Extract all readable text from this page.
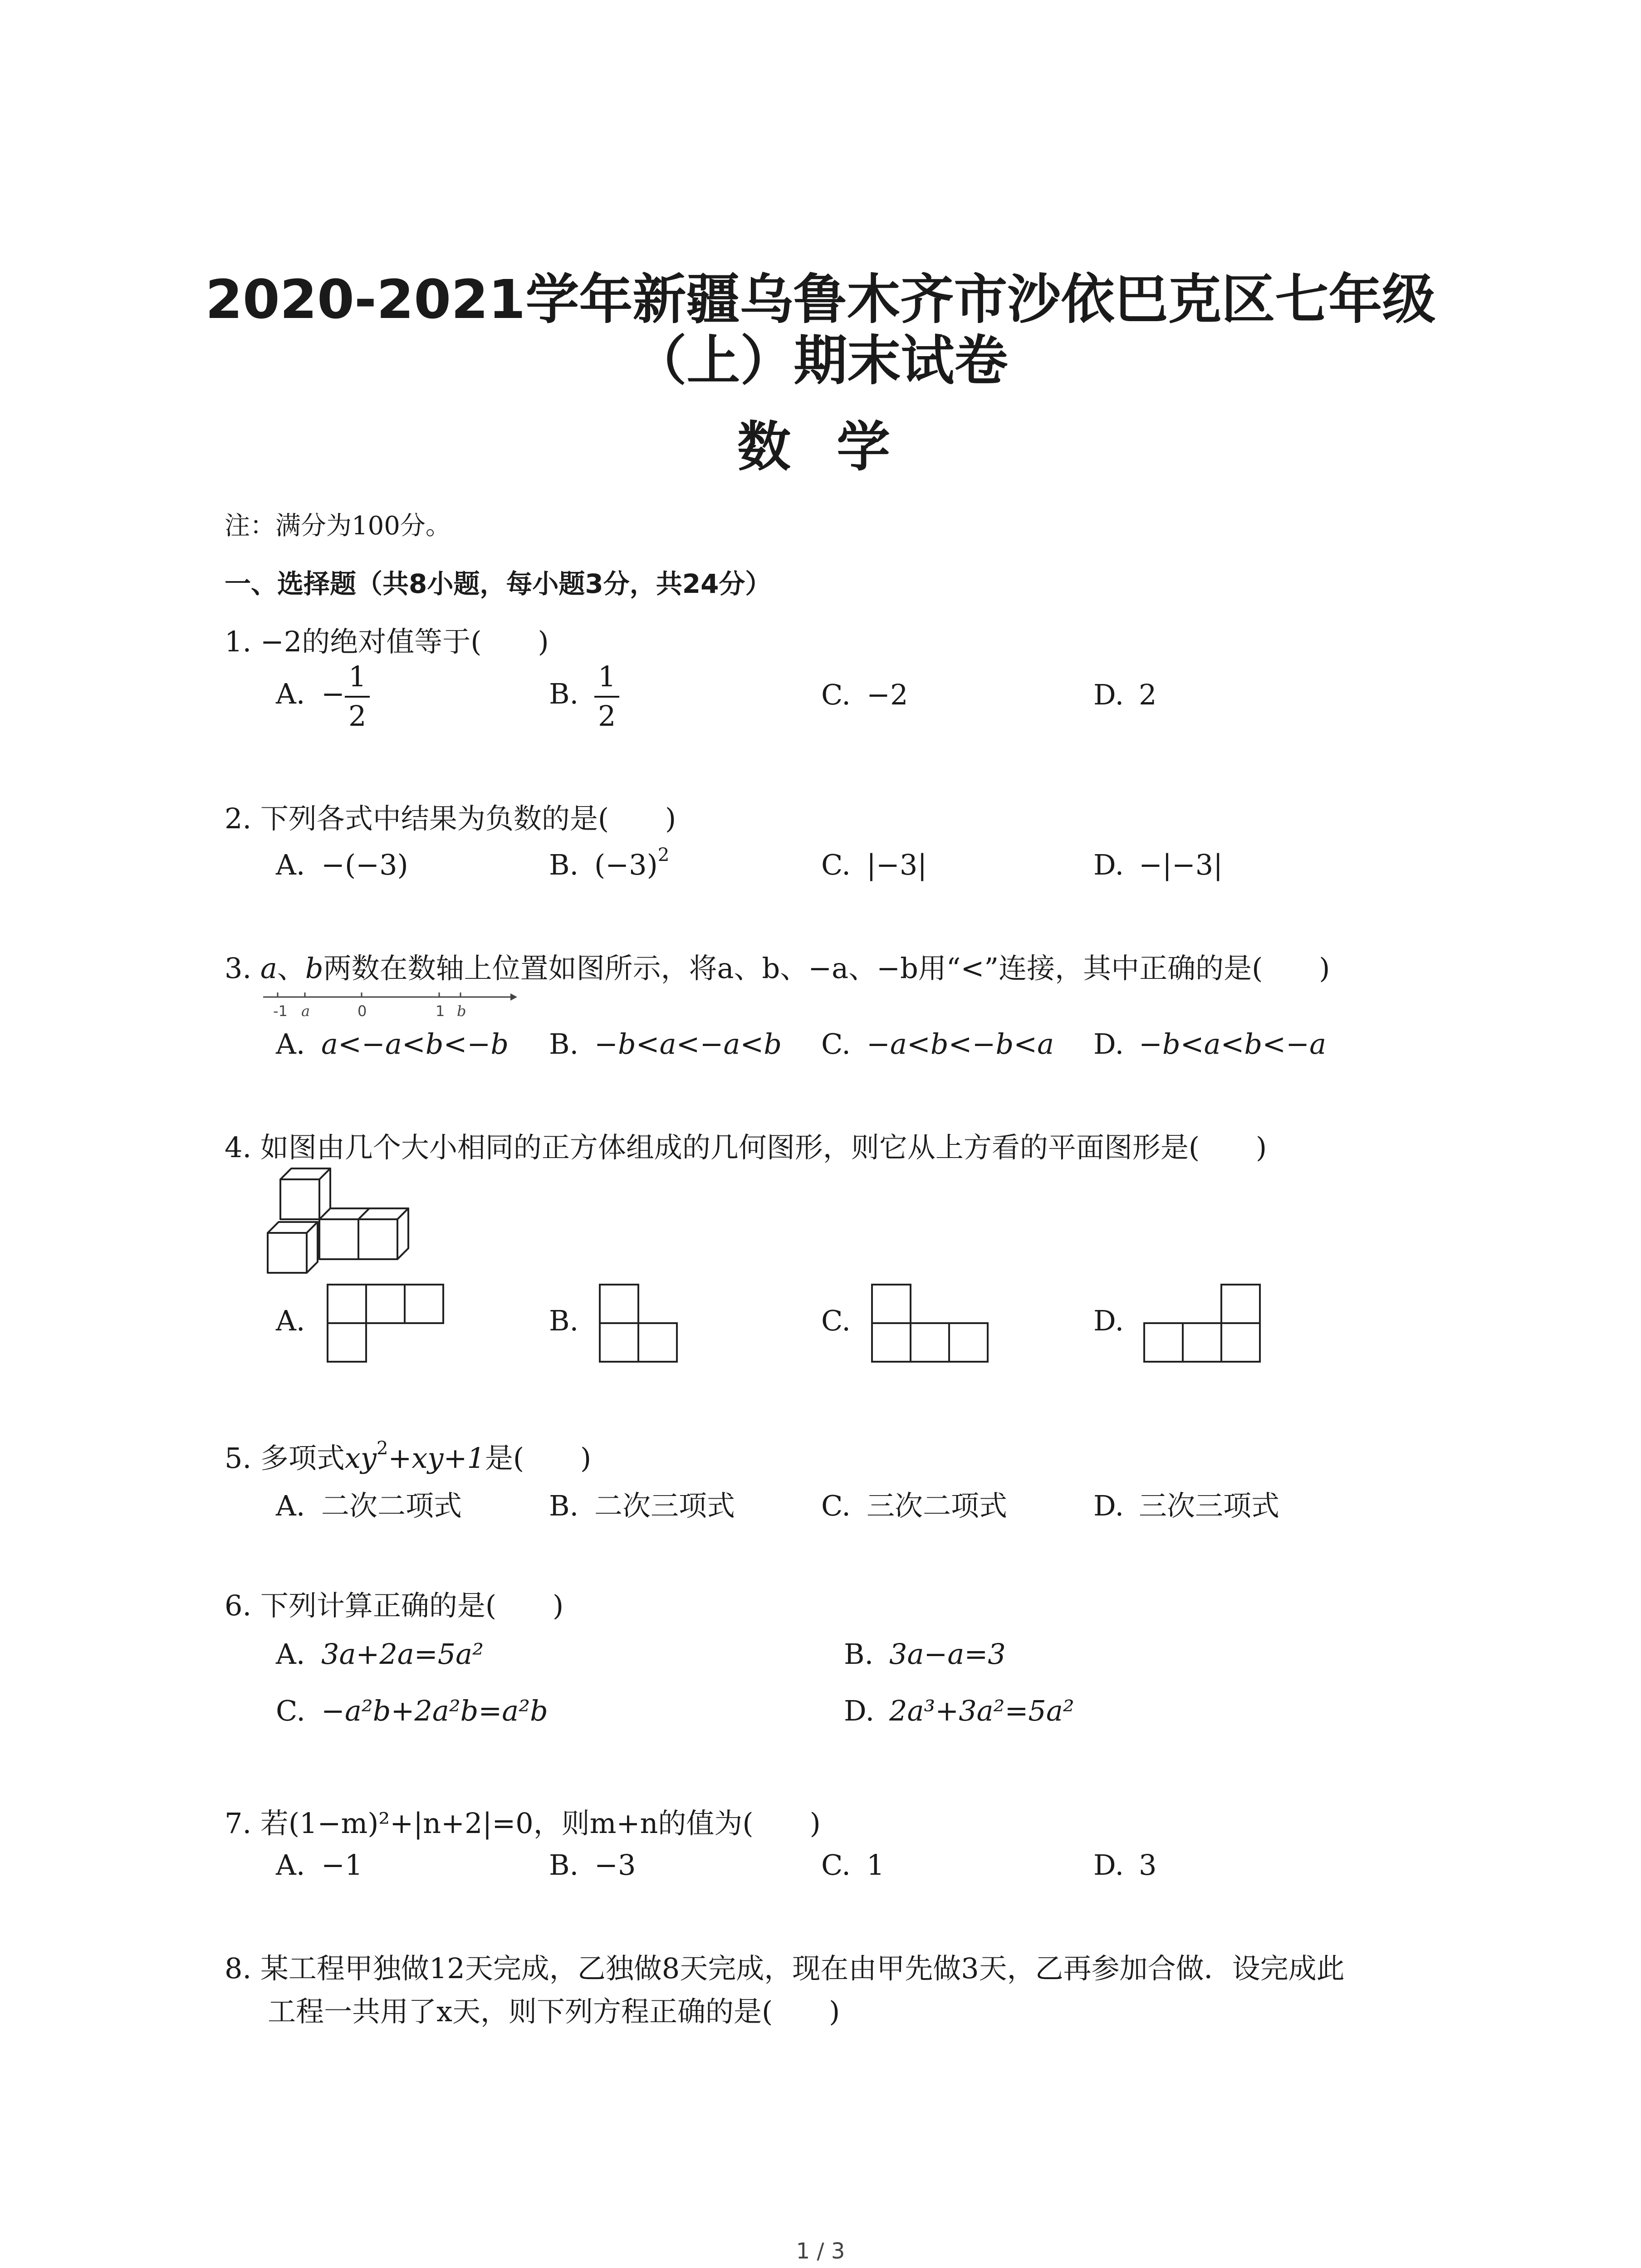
2020-2021学年新疆乌鲁木齐市沙依巴克区七年级
（上）期末试卷
数 学
注：满分为100分。
一、选择题（共8小题，每小题3分，共24分）
1. −2的绝对值等于(　　)
A. − $\frac{1}{2}$	B. $\frac{1}{2}$	C. −2	D. 2
2. 下列各式中结果为负数的是(　　)
A. −(−3)	B. $(-3)^2$	C. |−3|	D. −|−3|
3. a、b两数在数轴上位置如图所示，将a、b、−a、−b用“<”连接，其中正确的是(　　)
-1 a	0	1 b
A. a<−a<b<−b B. −b<a<−a<b C. −a<b<−b<a D. −b<a<b<−a
4. 如图由几个大小相同的正方体组成的几何图形，则它从上方看的平面图形是(　　)
A.	B.	C.	D.
5. 多项式$xy^2+xy+1$是(　　)
A. 二次二项式	B. 二次三项式	C. 三次二项式	D. 三次三项式
6. 下列计算正确的是(　　)
A. 3a+2a=5a²	B. 3a−a=3
C. −a²b+2a²b=a²b	D. 2a³+3a²=5a²
7. 若(1−m)²+|n+2|=0，则m+n的值为(　　)
A. −1	B. −3	C. 1	D. 3
8. 某工程甲独做12天完成，乙独做8天完成，现在由甲先做3天，乙再参加合做．设完成此
工程一共用了x天，则下列方程正确的是(　　)
1 / 3
